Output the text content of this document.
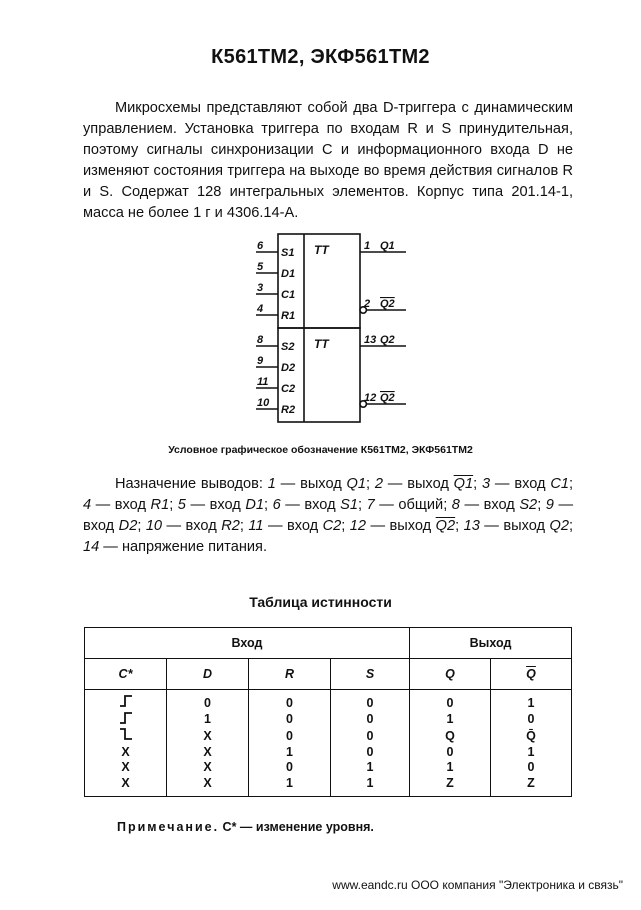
К561ТМ2, ЭКФ561ТМ2
Микросхемы представляют собой два D-триггера с динамическим управлением. Установка триггера по входам R и S принудительная, поэтому сигналы синхронизации С и информационного входа D не изменяют состояния триггера на выходе во время действия сигналов R и S. Содержат 128 интегральных элементов. Корпус типа 201.14-1, масса не более 1 г и 4306.14-А.
TT
6
S1
5
D1
3
C1
4
R1
1 Q1
2 Q2
TT
8
S2
9
D2
11
C2
10
R2
13 Q2
12 Q2
Условное графическое обозначение К561ТМ2, ЭКФ561ТМ2
Назначение выводов: 1 — выход Q1; 2 — выход Q1; 3 — вход C1; 4 — вход R1; 5 — вход D1; 6 — вход S1; 7 — общий; 8 — вход S2; 9 — вход D2; 10 — вход R2; 11 — вход C2; 12 — выход Q2; 13 — выход Q2; 14 — напряжение питания.
Таблица истинности
Вход				Выход	
C*	D	R	S	Q	$\overline{Q}$
	0	0	0	0	1
	1	0	0	1	0
	X	0	0	Q	Q̄
X	X	1	0	0	1
X	X	0	1	1	0
X	X	1	1	Z	Z
Примечание. C* — изменение уровня.
www.eandc.ru ООО компания "Электроника и связь"
